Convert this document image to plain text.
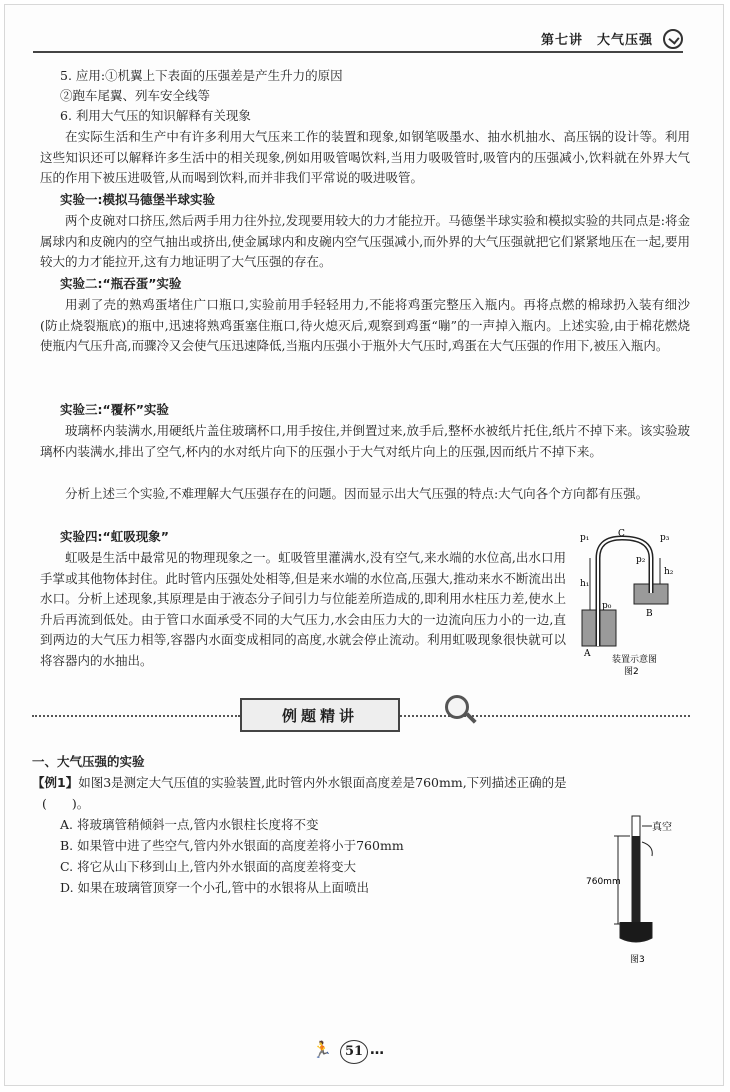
第七讲　大气压强
5. 应用:①机翼上下表面的压强差是产生升力的原因
②跑车尾翼、列车安全线等
6. 利用大气压的知识解释有关现象
在实际生活和生产中有许多利用大气压来工作的装置和现象,如钢笔吸墨水、抽水机抽水、高压锅的设计等。利用这些知识还可以解释许多生活中的相关现象,例如用吸管喝饮料,当用力吸吸管时,吸管内的压强减小,饮料就在外界大气压的作用下被压进吸管,从而喝到饮料,而并非我们平常说的吸进吸管。
实验一:模拟马德堡半球实验
两个皮碗对口挤压,然后两手用力往外拉,发现要用较大的力才能拉开。马德堡半球实验和模拟实验的共同点是:将金属球内和皮碗内的空气抽出或挤出,使金属球内和皮碗内空气压强减小,而外界的大气压强就把它们紧紧地压在一起,要用较大的力才能拉开,这有力地证明了大气压强的存在。
实验二:“瓶吞蛋”实验
用剥了壳的熟鸡蛋堵住广口瓶口,实验前用手轻轻用力,不能将鸡蛋完整压入瓶内。再将点燃的棉球扔入装有细沙(防止烧裂瓶底)的瓶中,迅速将熟鸡蛋塞住瓶口,待火熄灭后,观察到鸡蛋“嘣”的一声掉入瓶内。上述实验,由于棉花燃烧使瓶内气压升高,而骤冷又会使气压迅速降低,当瓶内压强小于瓶外大气压时,鸡蛋在大气压强的作用下,被压入瓶内。
实验三:“覆杯”实验
玻璃杯内装满水,用硬纸片盖住玻璃杯口,用手按住,并倒置过来,放手后,整杯水被纸片托住,纸片不掉下来。该实验玻璃杯内装满水,排出了空气,杯内的水对纸片向下的压强小于大气对纸片向上的压强,因而纸片不掉下来。
分析上述三个实验,不难理解大气压强存在的问题。因而显示出大气压强的特点:大气向各个方向都有压强。
实验四:“虹吸现象”
虹吸是生活中最常见的物理现象之一。虹吸管里灌满水,没有空气,来水端的水位高,出水口用手掌或其他物体封住。此时管内压强处处相等,但是来水端的水位高,压强大,推动来水不断流出出水口。分析上述现象,其原理是由于液态分子间引力与位能差所造成的,即利用水柱压力差,使水上升后再流到低处。由于管口水面承受不同的大气压力,水会由压力大的一边流向压力小的一边,直到两边的大气压力相等,容器内水面变成相同的高度,水就会停止流动。利用虹吸现象很快就可以将容器内的水抽出。
p₁	C	p₃
p₂
h₁
h₂
p₀
B
A
装置示意图
图2
例题精讲
一、大气压强的实验
【例1】如图3是测定大气压值的实验装置,此时管内外水银面高度差是760mm,下列描述正确的是
(　　)。
A. 将玻璃管稍倾斜一点,管内水银柱长度将不变
B. 如果管中进了些空气,管内外水银面的高度差将小于760mm
C. 将它从山下移到山上,管内外水银面的高度差将变大
D. 如果在玻璃管顶穿一个小孔,管中的水银将从上面喷出
真空
760mm
图3
🏃	51 …
